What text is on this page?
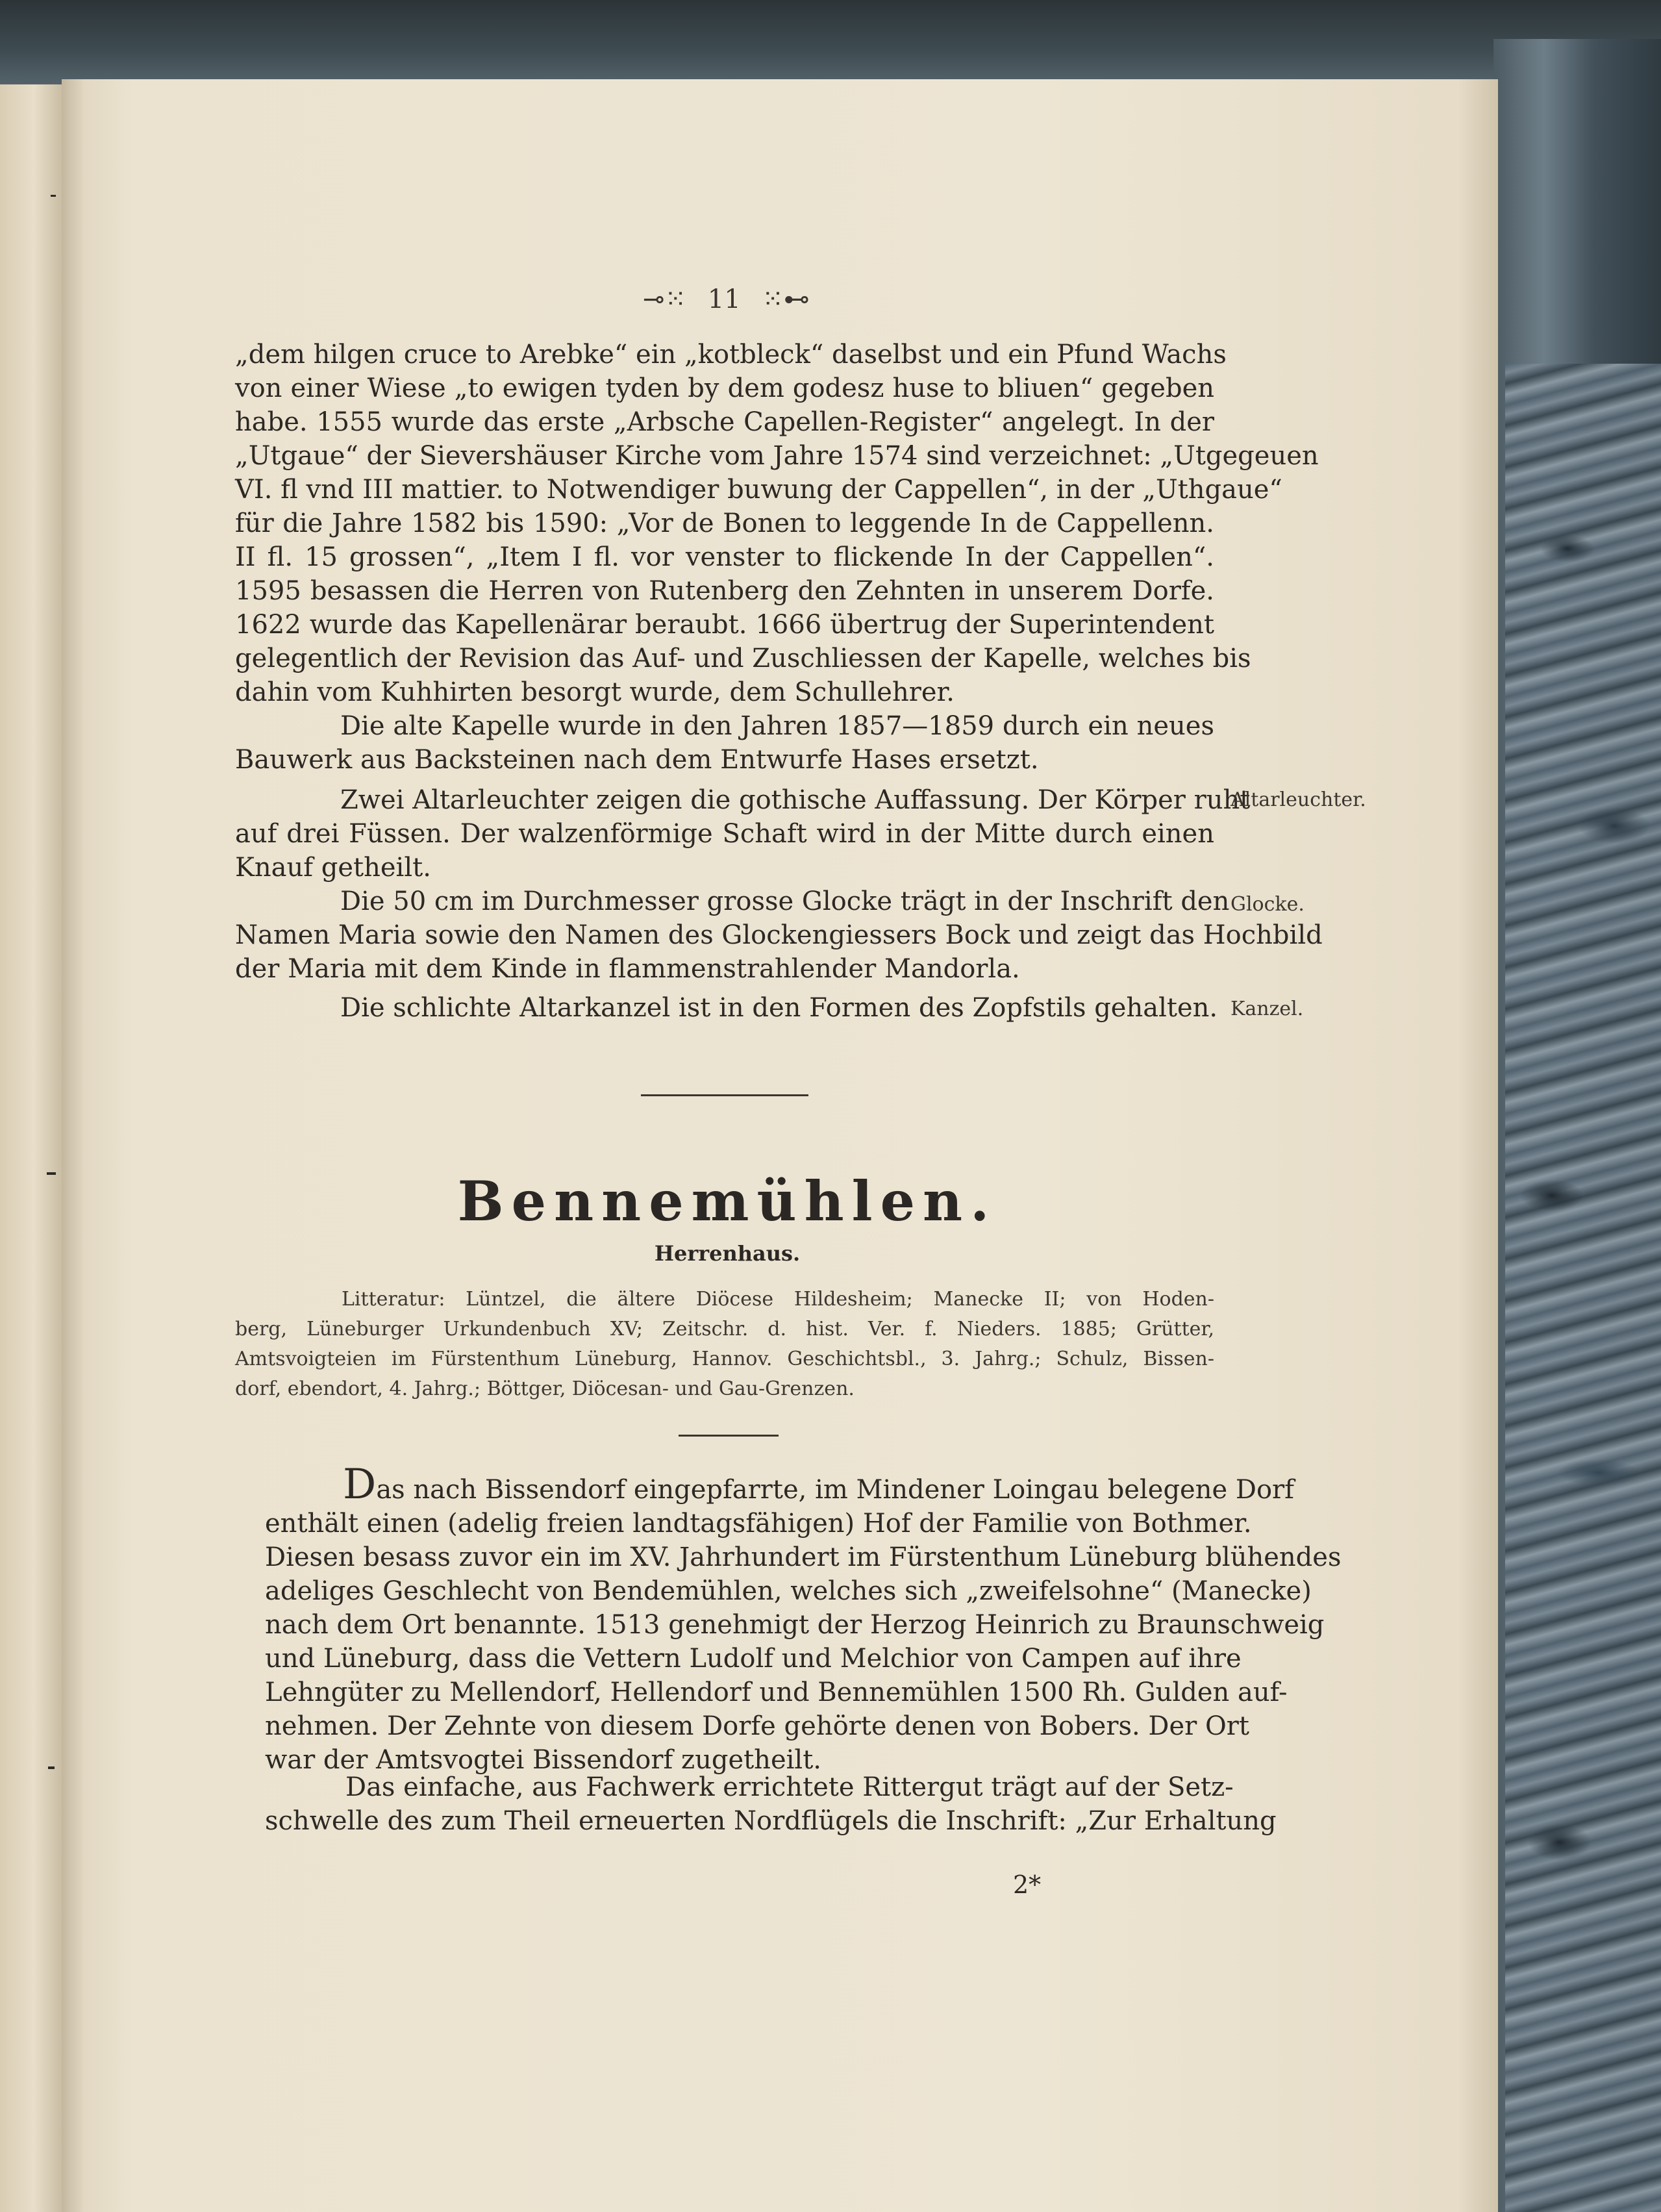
⊸⁙ 11 ⁙⊷
„dem hilgen cruce to Arebke“ ein „kotbleck“ daselbst und ein Pfund Wachs
von einer Wiese „to ewigen tyden by dem godesz huse to bliuen“ gegeben
habe. 1555 wurde das erste „Arbsche Capellen-Register“ angelegt. In der
„Utgaue“ der Sievershäuser Kirche vom Jahre 1574 sind verzeichnet: „Utgegeuen
VI. fl vnd III mattier. to Notwendiger buwung der Cappellen“, in der „Uthgaue“
für die Jahre 1582 bis 1590: „Vor de Bonen to leggende In de Cappellenn.
II fl. 15 grossen“, „Item I fl. vor venster to flickende In der Cappellen“.
1595 besassen die Herren von Rutenberg den Zehnten in unserem Dorfe.
1622 wurde das Kapellenärar beraubt. 1666 übertrug der Superintendent
gelegentlich der Revision das Auf- und Zuschliessen der Kapelle, welches bis
dahin vom Kuhhirten besorgt wurde, dem Schullehrer.
Die alte Kapelle wurde in den Jahren 1857—1859 durch ein neues
Bauwerk aus Backsteinen nach dem Entwurfe Hases ersetzt.
Zwei Altarleuchter zeigen die gothische Auffassung. Der Körper ruht
auf drei Füssen. Der walzenförmige Schaft wird in der Mitte durch einen
Knauf getheilt.
Die 50 cm im Durchmesser grosse Glocke trägt in der Inschrift den
Namen Maria sowie den Namen des Glockengiessers Bock und zeigt das Hochbild
der Maria mit dem Kinde in flammenstrahlender Mandorla.
Die schlichte Altarkanzel ist in den Formen des Zopfstils gehalten.
Altarleuchter.
Glocke.
Kanzel.
Bennemühlen.
Herrenhaus.
Litteratur: Lüntzel, die ältere Diöcese Hildesheim; Manecke II; von Hoden-
berg, Lüneburger Urkundenbuch XV; Zeitschr. d. hist. Ver. f. Nieders. 1885; Grütter,
Amtsvoigteien im Fürstenthum Lüneburg, Hannov. Geschichtsbl., 3. Jahrg.; Schulz, Bissen-
dorf, ebendort, 4. Jahrg.; Böttger, Diöcesan- und Gau-Grenzen.
Das nach Bissendorf eingepfarrte, im Mindener Loingau belegene Dorf
enthält einen (adelig freien landtagsfähigen) Hof der Familie von Bothmer.
Diesen besass zuvor ein im XV. Jahrhundert im Fürstenthum Lüneburg blühendes
adeliges Geschlecht von Bendemühlen, welches sich „zweifelsohne“ (Manecke)
nach dem Ort benannte. 1513 genehmigt der Herzog Heinrich zu Braunschweig
und Lüneburg, dass die Vettern Ludolf und Melchior von Campen auf ihre
Lehngüter zu Mellendorf, Hellendorf und Bennemühlen 1500 Rh. Gulden auf-
nehmen. Der Zehnte von diesem Dorfe gehörte denen von Bobers. Der Ort
war der Amtsvogtei Bissendorf zugetheilt.
Das einfache, aus Fachwerk errichtete Rittergut trägt auf der Setz-
schwelle des zum Theil erneuerten Nordflügels die Inschrift: „Zur Erhaltung
2*
